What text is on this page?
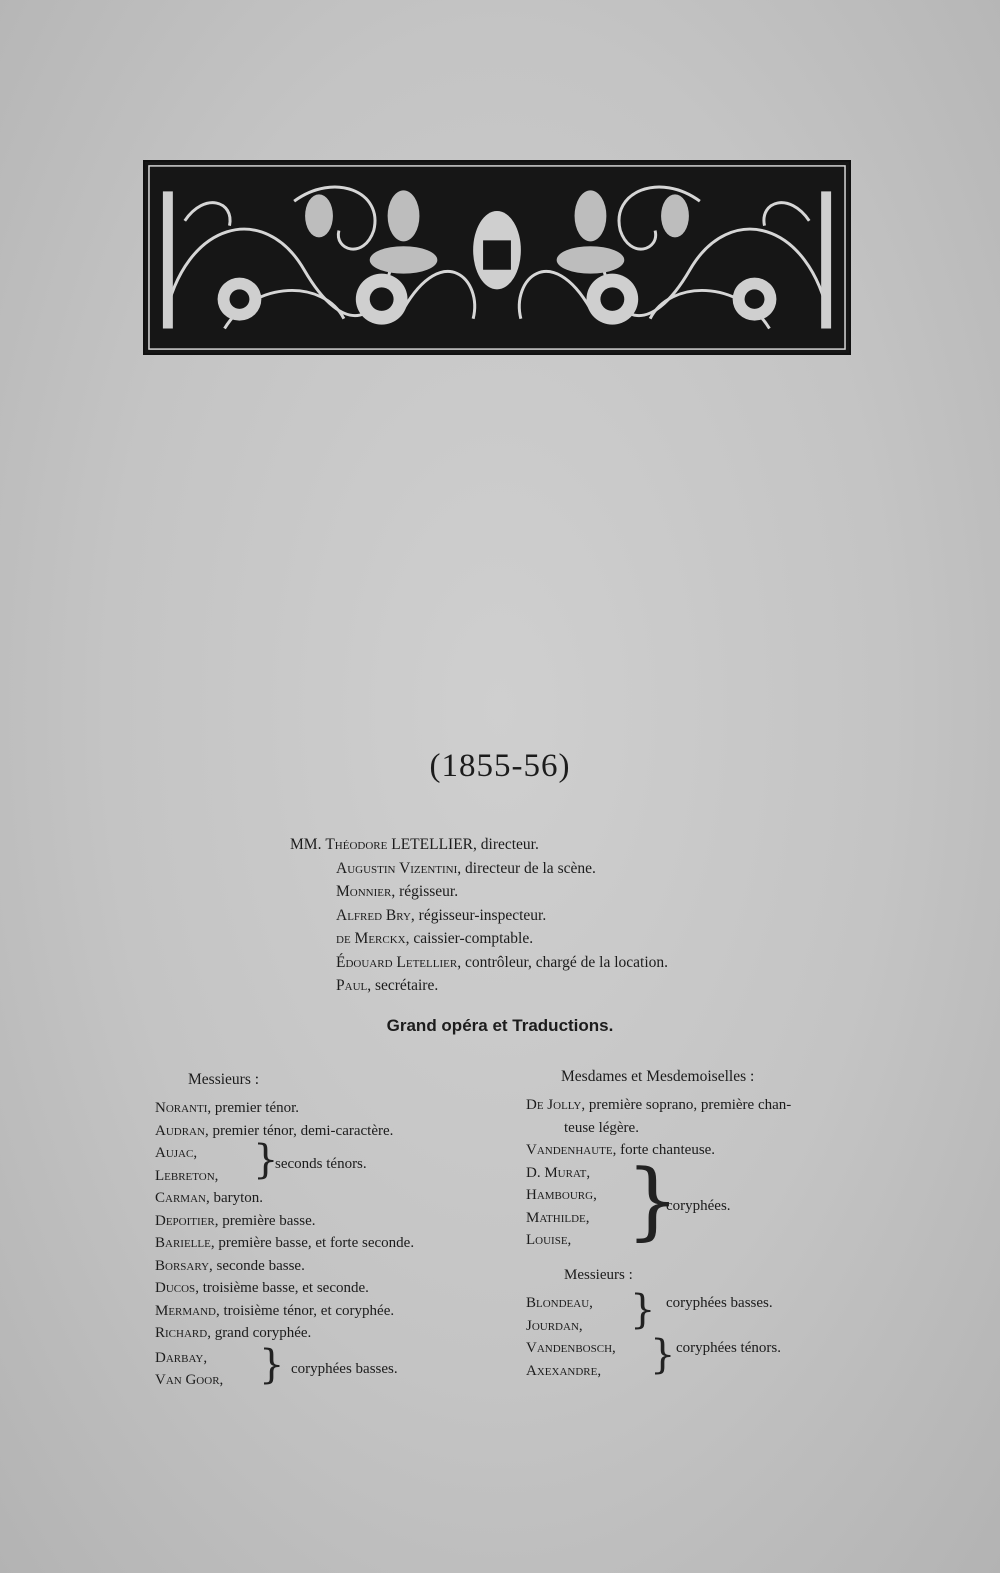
(1855-56)
MM. Théodore LETELLIER, directeur.
Augustin Vizentini, directeur de la scène.
Monnier, régisseur.
Alfred Bry, régisseur-inspecteur.
de Merckx, caissier-comptable.
Édouard Letellier, contrôleur, chargé de la location.
Paul, secrétaire.
Grand opéra et Traductions.
Messieurs :
Noranti, premier ténor.
Audran, premier ténor, demi-caractère.
Aujac,
Lebreton, }
seconds ténors.
Carman, baryton.
Depoitier, première basse.
Barielle, première basse, et forte seconde.
Borsary, seconde basse.
Ducos, troisième basse, et seconde.
Mermand, troisième ténor, et coryphée.
Richard, grand coryphée.
Darbay,
Van Goor, } coryphées basses.
Mesdames et Mesdemoiselles :
De Jolly, première soprano, première chan-
teuse légère.
Vandenhaute, forte chanteuse.
D. Murat,
Hambourg,
Mathilde,
Louise, }
coryphées.
Messieurs :
Blondeau,
Jourdan,	} coryphées basses.
Vandenbosch,
Axexandre,	} coryphées ténors.
